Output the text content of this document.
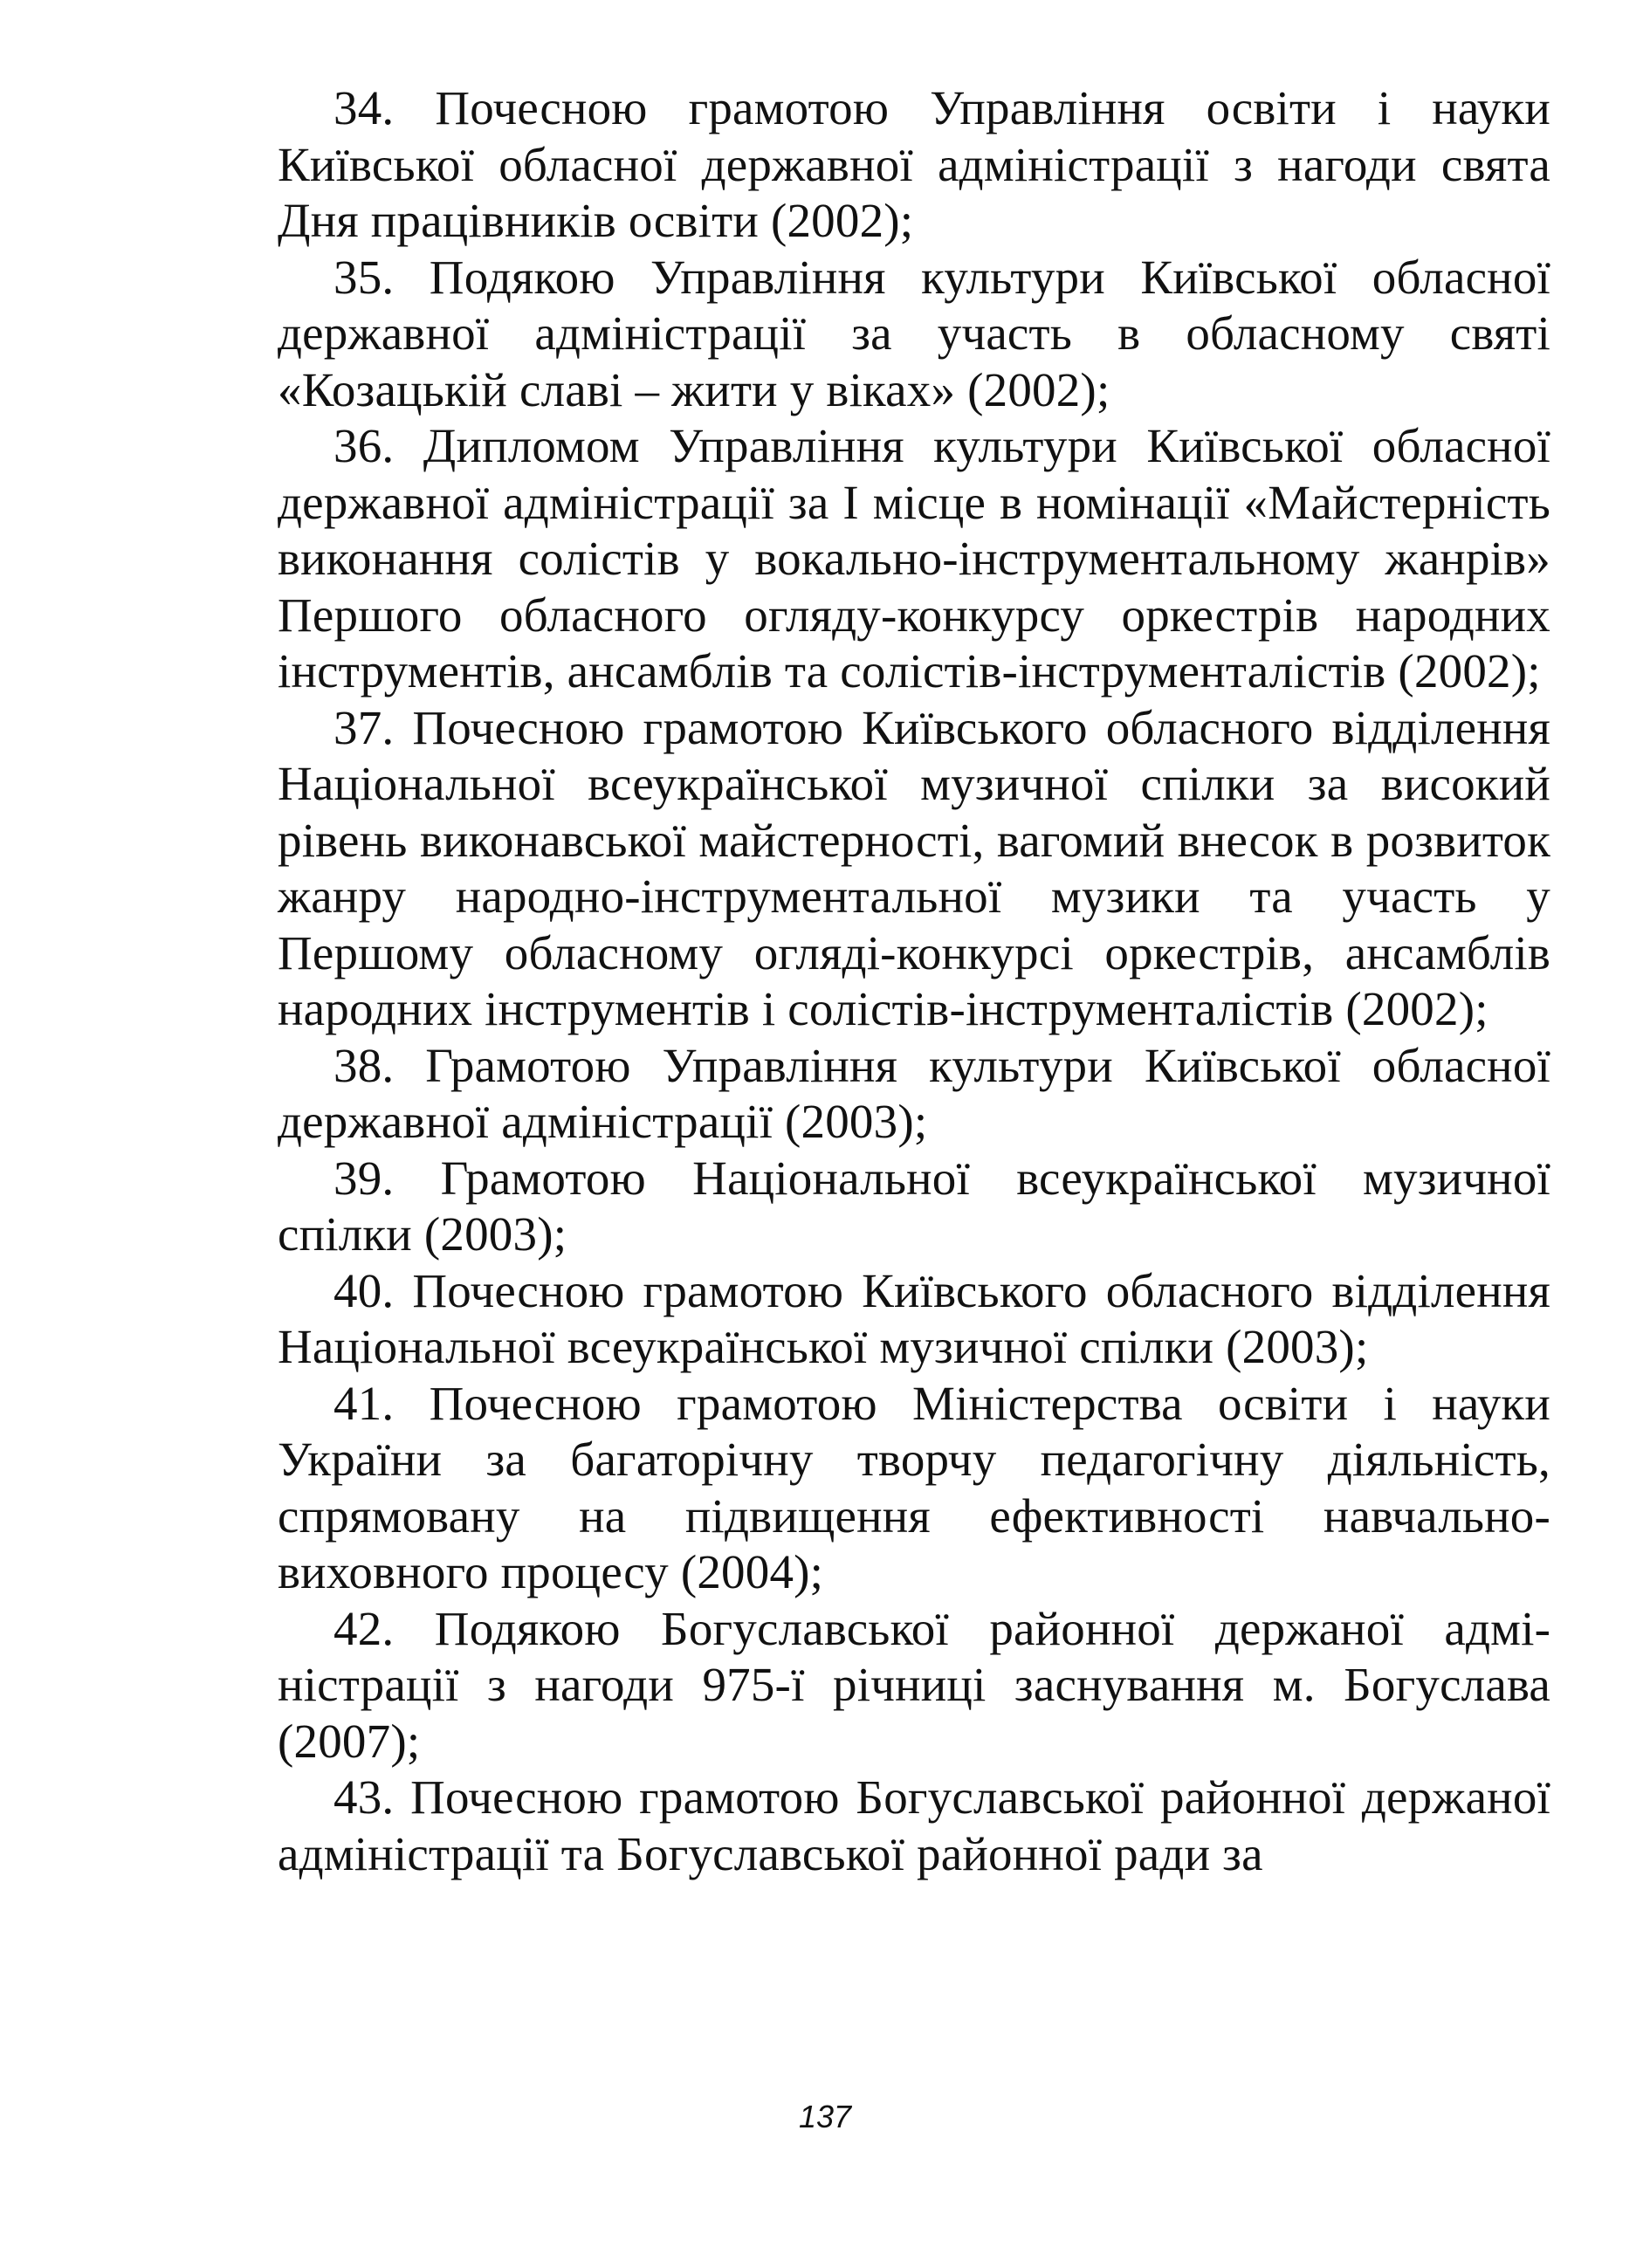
34. Почесною грамотою Управління освіти і науки Київської обласної державної адміністрації з нагоди свята Дня працівників освіти (2002);

35. Подякою Управління культури Київської обласної державної адміністрації за участь в обласному святі «Козацькій славі – жити у віках» (2002);

36. Дипломом Управління культури Київської обласної державної адміністрації за І місце в номінації «Майстерність виконання солістів у вокально-інструментальному жанрів» Першого обласного огляду-конкурсу оркестрів народних інструментів, ансамблів та солістів-інструменталістів (2002);

37. Почесною грамотою Київського обласного відділення Національної всеукраїнської музичної спілки за високий рівень виконавської майстерності, вагомий внесок в розвиток жанру народно-інструментальної музики та участь у Першому обласному огляді-конкурсі оркестрів, ансамблів народних інструментів і солістів-інструменталістів (2002);

38. Грамотою Управління культури Київської обласної державної адміністрації (2003);

39. Грамотою Національної всеукраїнської музичної спілки (2003);

40. Почесною грамотою Київського обласного відділення Національної всеукраїнської музичної спілки (2003);

41. Почесною грамотою Міністерства освіти і науки України за багаторічну творчу педагогічну діяльність, спрямовану на підвищення ефективності навчально-виховного процесу (2004);

42. Подякою Богуславської районної держаної адміністрації з нагоди 975-ї річниці заснування м. Богуслава (2007);

43. Почесною грамотою Богуславської районної держаної адміністрації та Богуславської районної ради за

137
